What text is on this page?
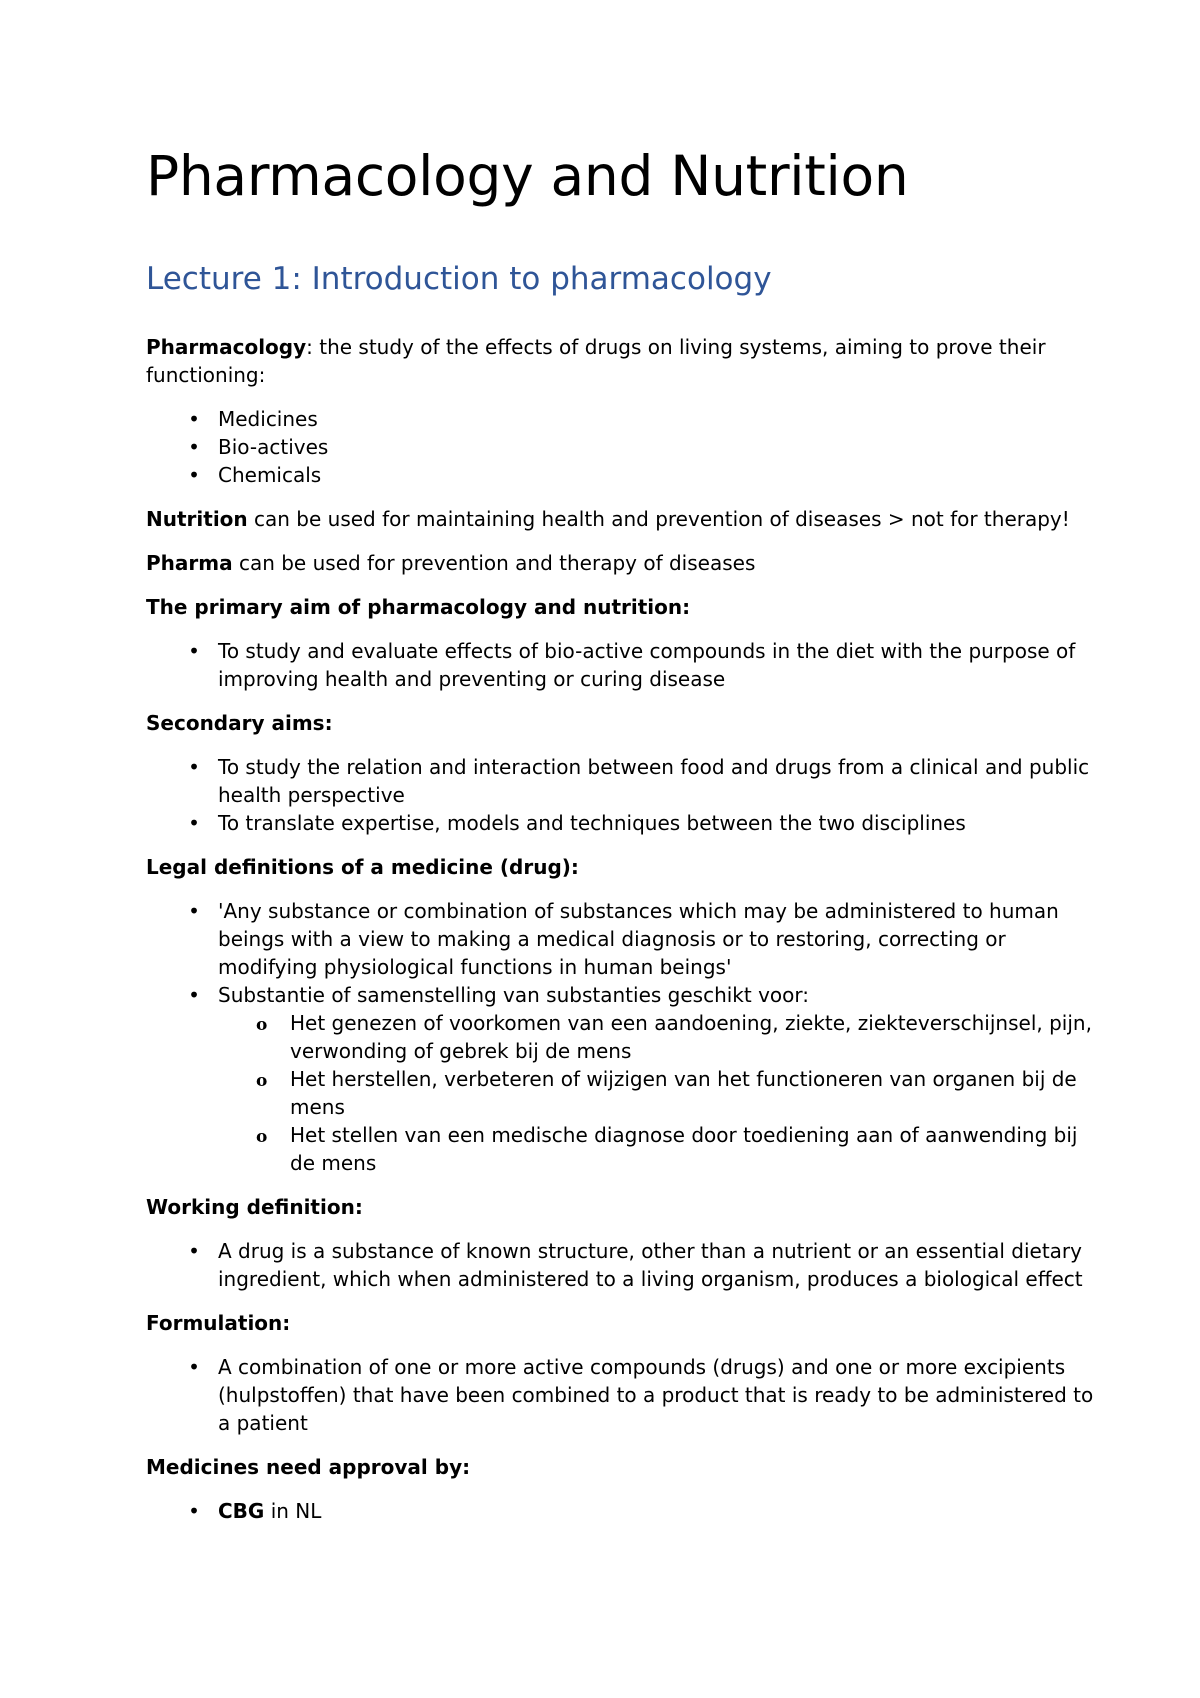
Pharmacology and Nutrition
Lecture 1: Introduction to pharmacology

Pharmacology: the study of the effects of drugs on living systems, aiming to prove their functioning:

• Medicines
• Bio-actives
• Chemicals

Nutrition can be used for maintaining health and prevention of diseases > not for therapy!

Pharma can be used for prevention and therapy of diseases

The primary aim of pharmacology and nutrition:

• To study and evaluate effects of bio-active compounds in the diet with the purpose of improving health and preventing or curing disease

Secondary aims:

• To study the relation and interaction between food and drugs from a clinical and public health perspective
• To translate expertise, models and techniques between the two disciplines

Legal definitions of a medicine (drug):

• 'Any substance or combination of substances which may be administered to human beings with a view to making a medical diagnosis or to restoring, correcting or modifying physiological functions in human beings'
• Substantie of samenstelling van substanties geschikt voor:
o Het genezen of voorkomen van een aandoening, ziekte, ziekteverschijnsel, pijn, verwonding of gebrek bij de mens
o Het herstellen, verbeteren of wijzigen van het functioneren van organen bij de mens
o Het stellen van een medische diagnose door toediening aan of aanwending bij de mens

Working definition:

• A drug is a substance of known structure, other than a nutrient or an essential dietary ingredient, which when administered to a living organism, produces a biological effect

Formulation:

• A combination of one or more active compounds (drugs) and one or more excipients (hulpstoffen) that have been combined to a product that is ready to be administered to a patient

Medicines need approval by:

• CBG in NL
